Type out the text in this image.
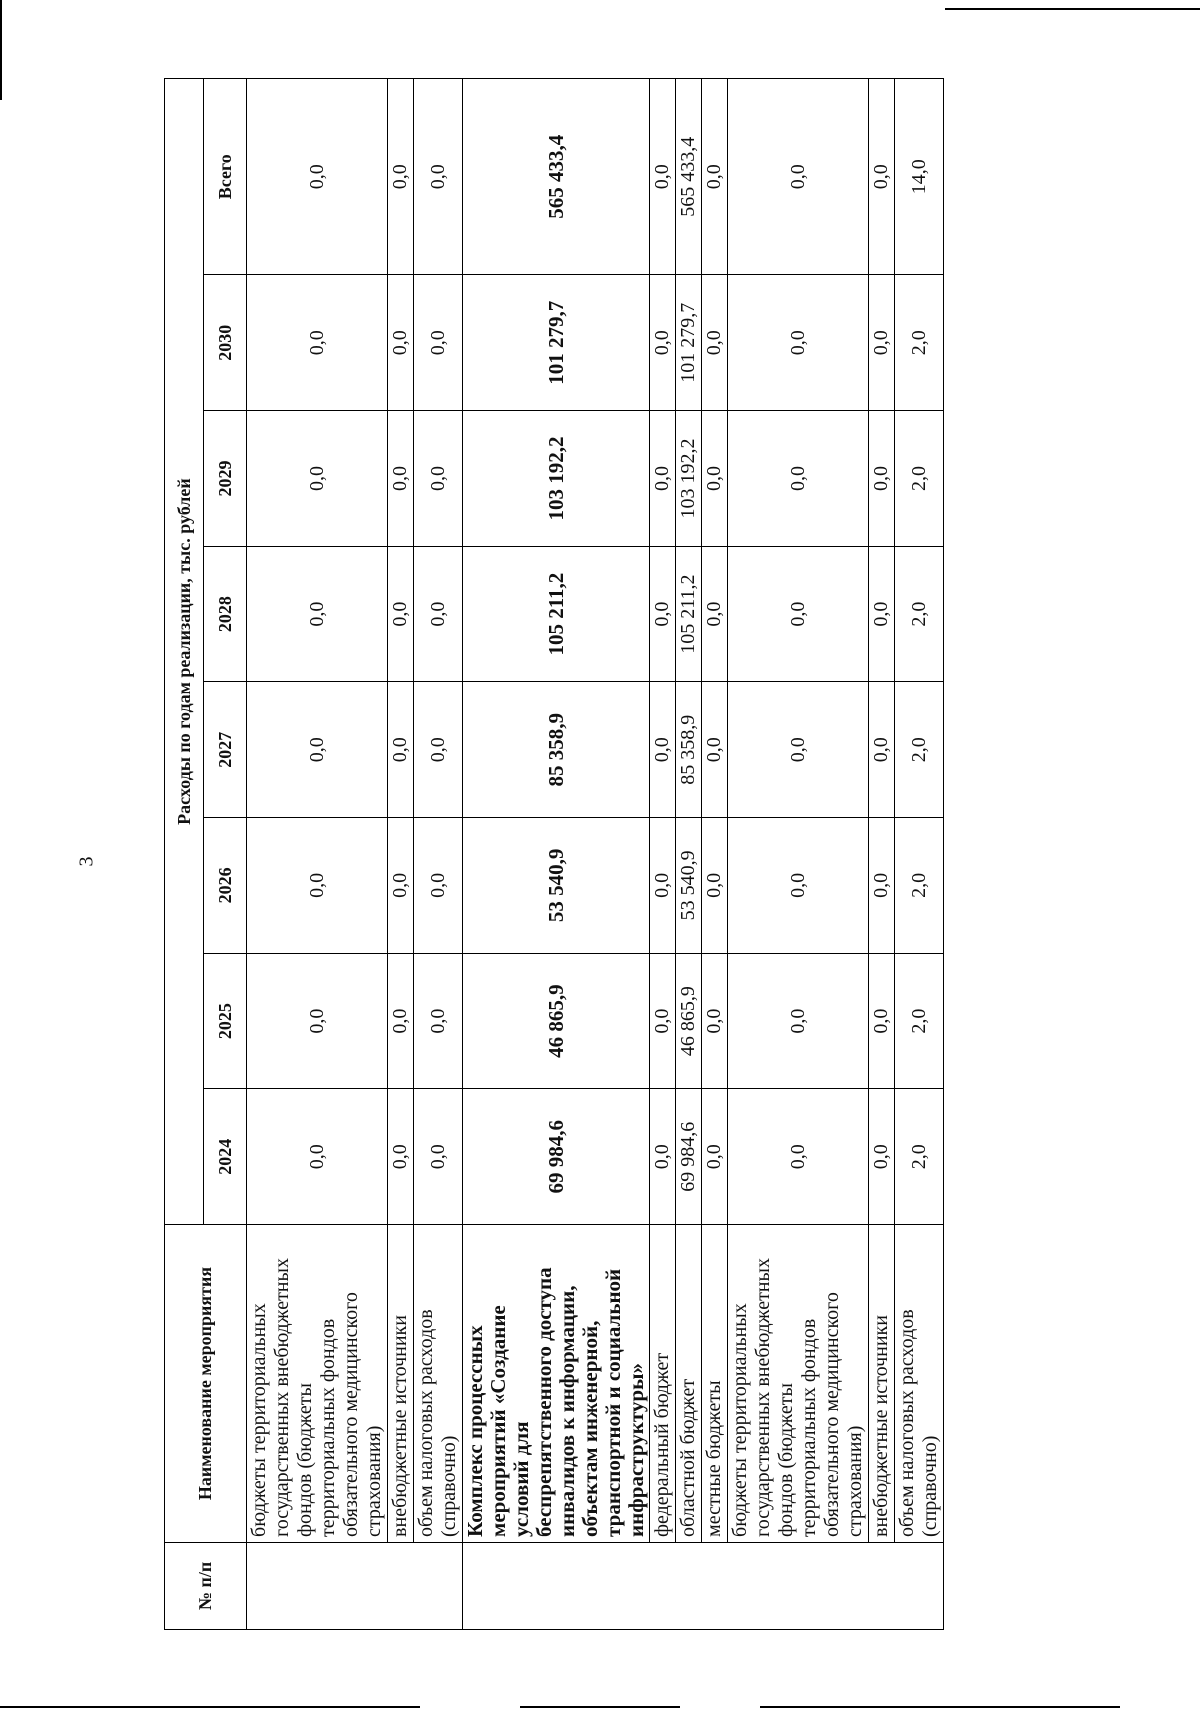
3
№ п/п	Наименование мероприятия	Расходы по годам реализации, тыс. рублей							
		2024	2025	2026	2027	2028	2029	2030	Всего
	бюджеты территориальных государственных внебюджетных фондов (бюджеты территориальных фондов обязательного медицинского страхования)	0,0	0,0	0,0	0,0	0,0	0,0	0,0	0,0
	внебюджетные источники	0,0	0,0	0,0	0,0	0,0	0,0	0,0	0,0
	объем налоговых расходов (справочно)	0,0	0,0	0,0	0,0	0,0	0,0	0,0	0,0
	Комплекс процессных мероприятий «Создание условий для беспрепятственного доступа инвалидов к информации, объектам инженерной, транспортной и социальной инфраструктуры»	69 984,6	46 865,9	53 540,9	85 358,9	105 211,2	103 192,2	101 279,7	565 433,4
	федеральный бюджет	0,0	0,0	0,0	0,0	0,0	0,0	0,0	0,0
	областной бюджет	69 984,6	46 865,9	53 540,9	85 358,9	105 211,2	103 192,2	101 279,7	565 433,4
	местные бюджеты	0,0	0,0	0,0	0,0	0,0	0,0	0,0	0,0
	бюджеты территориальных государственных внебюджетных фондов (бюджеты территориальных фондов обязательного медицинского страхования)	0,0	0,0	0,0	0,0	0,0	0,0	0,0	0,0
	внебюджетные источники	0,0	0,0	0,0	0,0	0,0	0,0	0,0	0,0
	объем налоговых расходов (справочно)	2,0	2,0	2,0	2,0	2,0	2,0	2,0	14,0
